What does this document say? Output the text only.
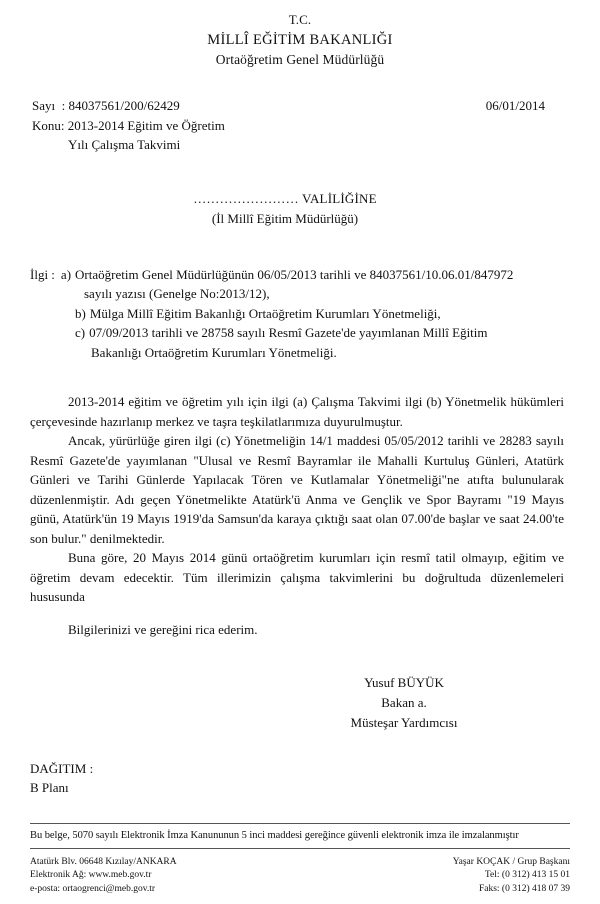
T.C.
MİLLÎ EĞİTİM BAKANLIĞI
Ortaöğretim Genel Müdürlüğü
Sayı  : 84037561/200/62429	06/01/2014
Konu: 2013-2014 Eğitim ve Öğretim
Yılı Çalışma Takvimi
…………………… VALİLİĞİNE
(İl Millî Eğitim Müdürlüğü)
İlgi : a) Ortaöğretim Genel Müdürlüğünün 06/05/2013 tarihli ve 84037561/10.06.01/847972
sayılı yazısı (Genelge No:2013/12),
b) Mülga Millî Eğitim Bakanlığı Ortaöğretim Kurumları Yönetmeliği,
c) 07/09/2013 tarihli ve 28758 sayılı Resmî Gazete'de yayımlanan Millî Eğitim
Bakanlığı Ortaöğretim Kurumları Yönetmeliği.

2013-2014 eğitim ve öğretim yılı için ilgi (a) Çalışma Takvimi ilgi (b) Yönetmelik hükümleri çerçevesinde hazırlanıp merkez ve taşra teşkilatlarımıza duyurulmuştur.

Ancak, yürürlüğe giren ilgi (c) Yönetmeliğin 14/1 maddesi 05/05/2012 tarihli ve 28283 sayılı Resmî Gazete'de yayımlanan "Ulusal ve Resmî Bayramlar ile Mahalli Kurtuluş Günleri, Atatürk Günleri ve Tarihi Günlerde Yapılacak Tören ve Kutlamalar Yönetmeliği"ne atıfta bulunularak düzenlenmiştir. Adı geçen Yönetmelikte Atatürk'ü Anma ve Gençlik ve Spor Bayramı "19 Mayıs günü, Atatürk'ün 19 Mayıs 1919'da Samsun'da karaya çıktığı saat olan 07.00'de başlar ve saat 24.00'te son bulur." denilmektedir.

Buna göre, 20 Mayıs 2014 günü ortaöğretim kurumları için resmî tatil olmayıp, eğitim ve öğretim devam edecektir. Tüm illerimizin çalışma takvimlerini bu doğrultuda düzenlemeleri hususunda

Bilgilerinizi ve gereğini rica ederim.

Yusuf BÜYÜK
Bakan a.
Müsteşar Yardımcısı
DAĞITIM :
B Planı
Bu belge, 5070 sayılı Elektronik İmza Kanununun 5 inci maddesi gereğince güvenli elektronik imza ile imzalanmıştır
Atatürk Blv. 06648 Kızılay/ANKARA
Elektronik Ağ: www.meb.gov.tr
e-posta: ortaogrenci@meb.gov.tr
Yaşar KOÇAK / Grup Başkanı
Tel: (0 312) 413 15 01
Faks: (0 312) 418 07 39
